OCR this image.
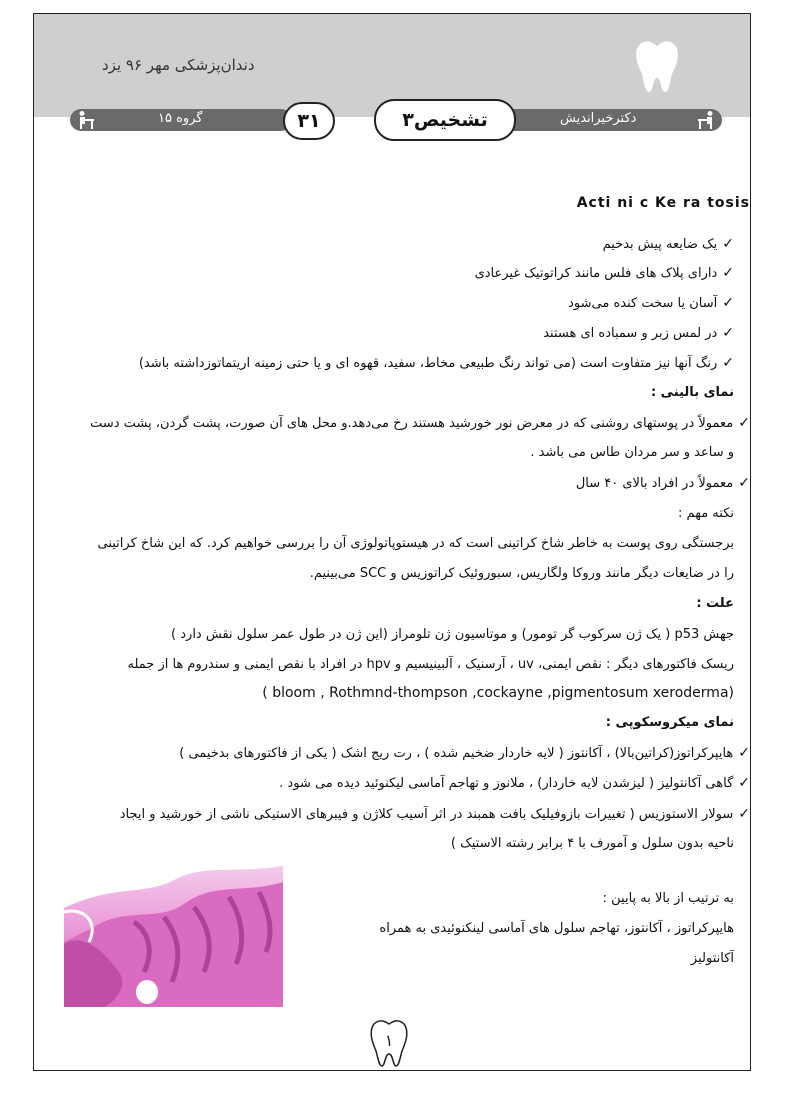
دندان‌پزشکی مهر ۹۶ یزد
گروه ۱۵	دکترخیراندیش
۳۱	تشخیص۳
Acti ni c Ke ra tosis
✓یک ضایعه پیش بدخیم
✓دارای پلاک های فلس مانند کراتوتیک غیرعادی
✓آسان یا سخت کنده می‌شود
✓در لمس زبر و سمباده ای هستند
✓رنگ آنها نیز متفاوت است (می تواند رنگ طبیعی مخاط، سفید، قهوه ای و یا حتی زمینه اریتماتوزداشته باشد)
نمای بالینی :
✓معمولاً در پوستهای روشنی که در معرض نور خورشید هستند رخ می‌دهد.و محل های آن صورت، پشت گردن، پشت دست
و ساعد و سر مردان طاس می باشد .
✓معمولاً در افراد بالای ۴۰ سال
نکته مهم :
برجستگی روی پوست به خاطر شاخ کراتینی است که در هیستوپاتولوژی آن را بررسی خواهیم کرد. که این شاخ کراتینی
را در ضایعات دیگر مانند وروکا ولگاریس، سبوروئیک کراتوزیس و SCC می‌بینیم.
علت :
جهش p53 ( یک ژن سرکوب گر تومور) و موتاسیون ژن تلومراز (این ژن در طول عمر سلول نقش دارد )
ریسک فاکتورهای دیگر : نقص ایمنی، uv ، آرسنیک ، آلبینیسیم و hpv در افراد با نقص ایمنی و سندروم ها از جمله
( bloom , Rothmnd-thompson ,cockayne ,pigmentosum xeroderma)
نمای میکروسکوپی :
✓هایپرکراتوز(کراتین‌بالا) ، آکانتوز ( لایه خاردار ضخیم شده ) ، رت ریج اشک ( یکی از فاکتورهای بدخیمی )
✓گاهی آکانتولیز ( لیزشدن لایه خاردار) ، ملانوز و تهاجم آماسی لیکنوئید دیده می شود .
✓سولار الاستوزیس ( تغییرات بازوفیلیک بافت همبند در اثر آسیب کلاژن و فیبرهای الاستیکی ناشی از خورشید و ایجاد
ناحیه بدون سلول و آمورف با ۴ برابر رشته الاستیک )
به ترتیب از بالا به پایین :
هایپرکراتوز ، آکانتوز، تهاجم سلول های آماسی لینکنوئیدی به همراه
آکانتولیز
۱
